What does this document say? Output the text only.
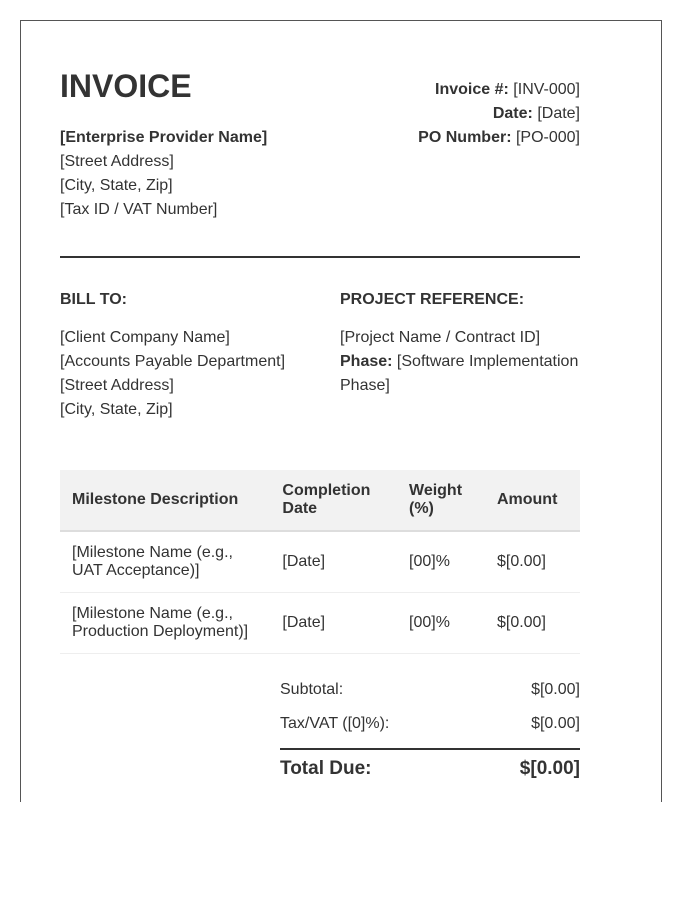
INVOICE	Invoice #: [INV-000]
Date: [Date]
PO Number: [PO-000]
[Enterprise Provider Name]
[Street Address]
[City, State, Zip]
[Tax ID / VAT Number]
BILL TO:
[Client Company Name]
[Accounts Payable Department]
[Street Address]
[City, State, Zip]
PROJECT REFERENCE:
[Project Name / Contract ID]
Phase: [Software Implementation Phase]
Milestone Description	Completion Date	Weight (%)	Amount
[Milestone Name (e.g., UAT Acceptance)]	[Date]	[00]%	$[0.00]
[Milestone Name (e.g., Production Deployment)]	[Date]	[00]%	$[0.00]
Subtotal:	$[0.00]
Tax/VAT ([0]%):	$[0.00]
Total Due:	$[0.00]
